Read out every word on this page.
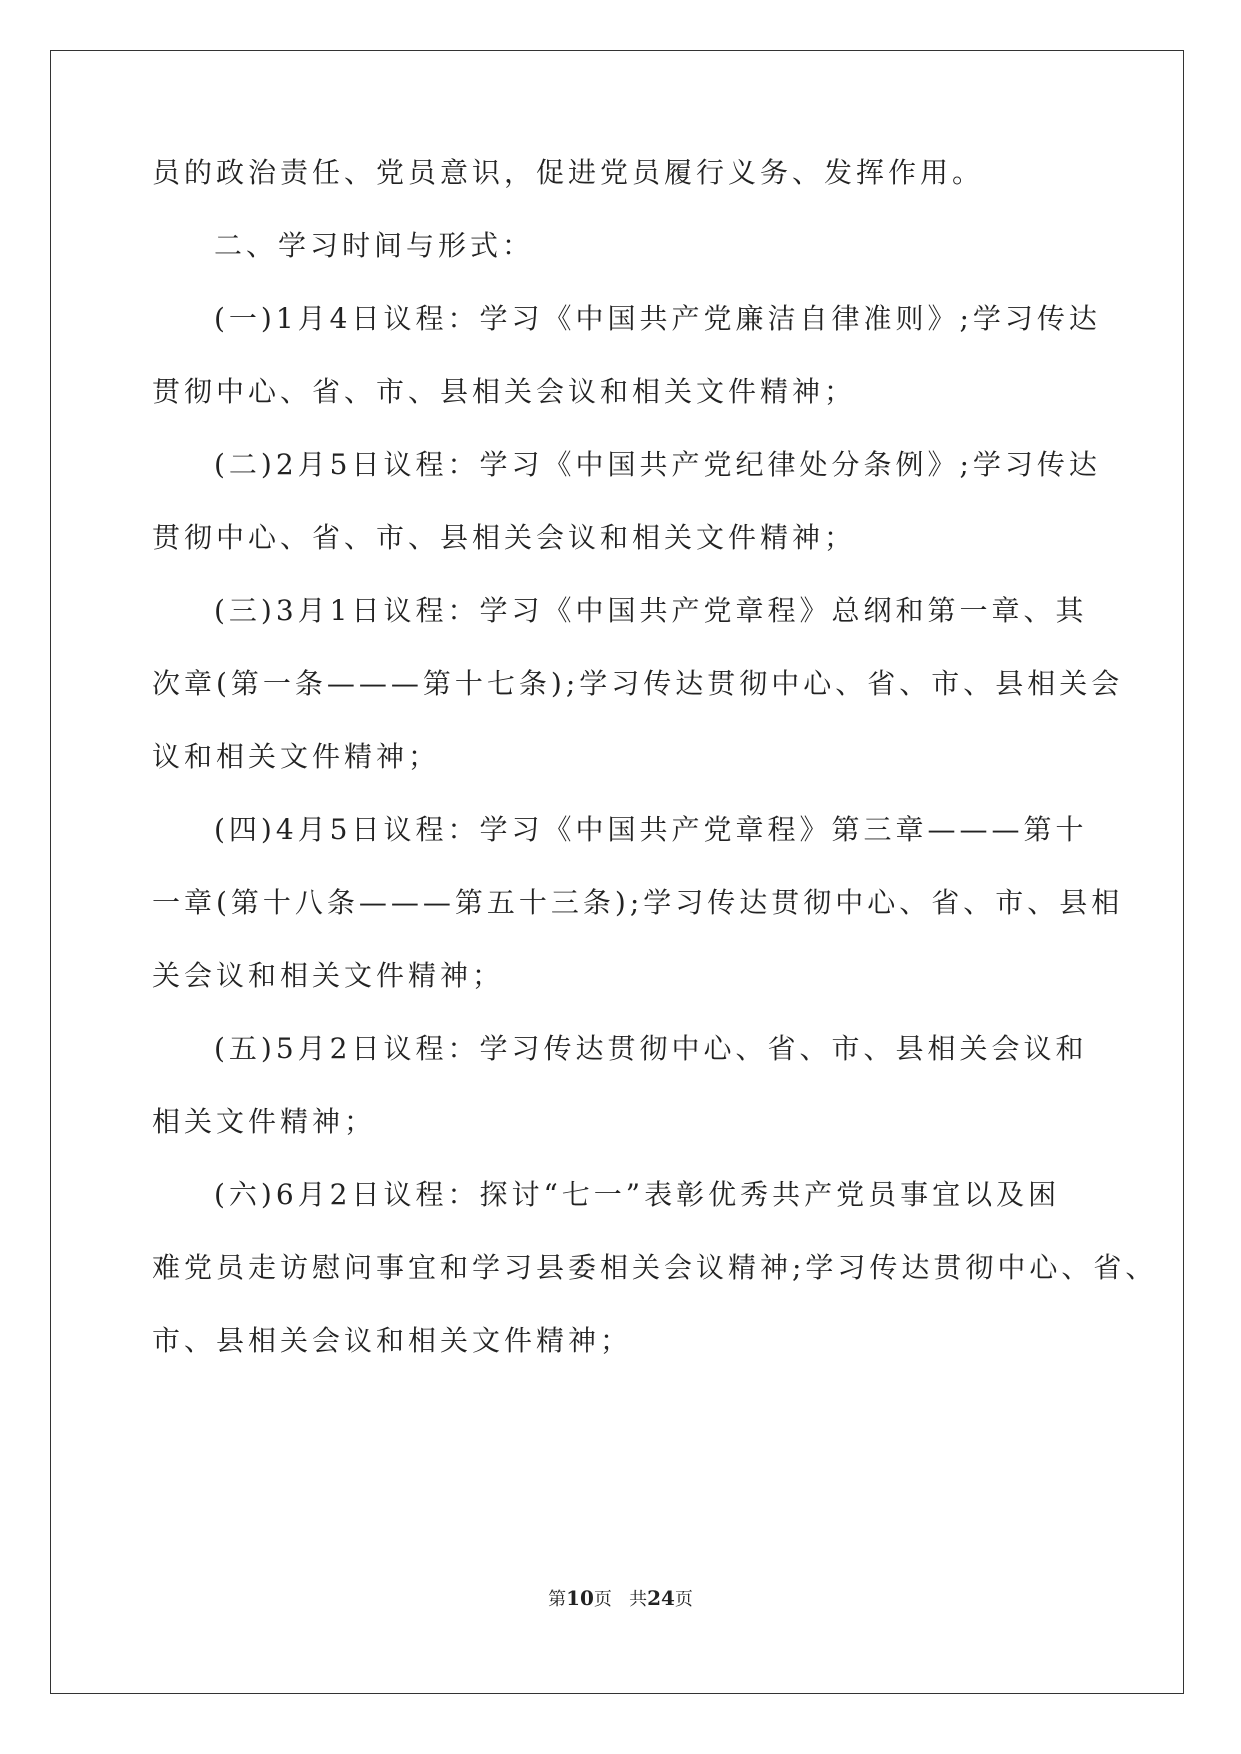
员的政治责任、党员意识，促进党员履行义务、发挥作用。
二、学习时间与形式：
(一)1月4日议程：学习《中国共产党廉洁自律准则》;学习传达
贯彻中心、省、市、县相关会议和相关文件精神；
(二)2月5日议程：学习《中国共产党纪律处分条例》;学习传达
贯彻中心、省、市、县相关会议和相关文件精神；
(三)3月1日议程：学习《中国共产党章程》总纲和第一章、其
次章(第一条———第十七条);学习传达贯彻中心、省、市、县相关会
议和相关文件精神；
(四)4月5日议程：学习《中国共产党章程》第三章———第十
一章(第十八条———第五十三条);学习传达贯彻中心、省、市、县相
关会议和相关文件精神；
(五)5月2日议程：学习传达贯彻中心、省、市、县相关会议和
相关文件精神；
(六)6月2日议程：探讨“七一”表彰优秀共产党员事宜以及困
难党员走访慰问事宜和学习县委相关会议精神;学习传达贯彻中心、省、
市、县相关会议和相关文件精神；
第10页 共24页
